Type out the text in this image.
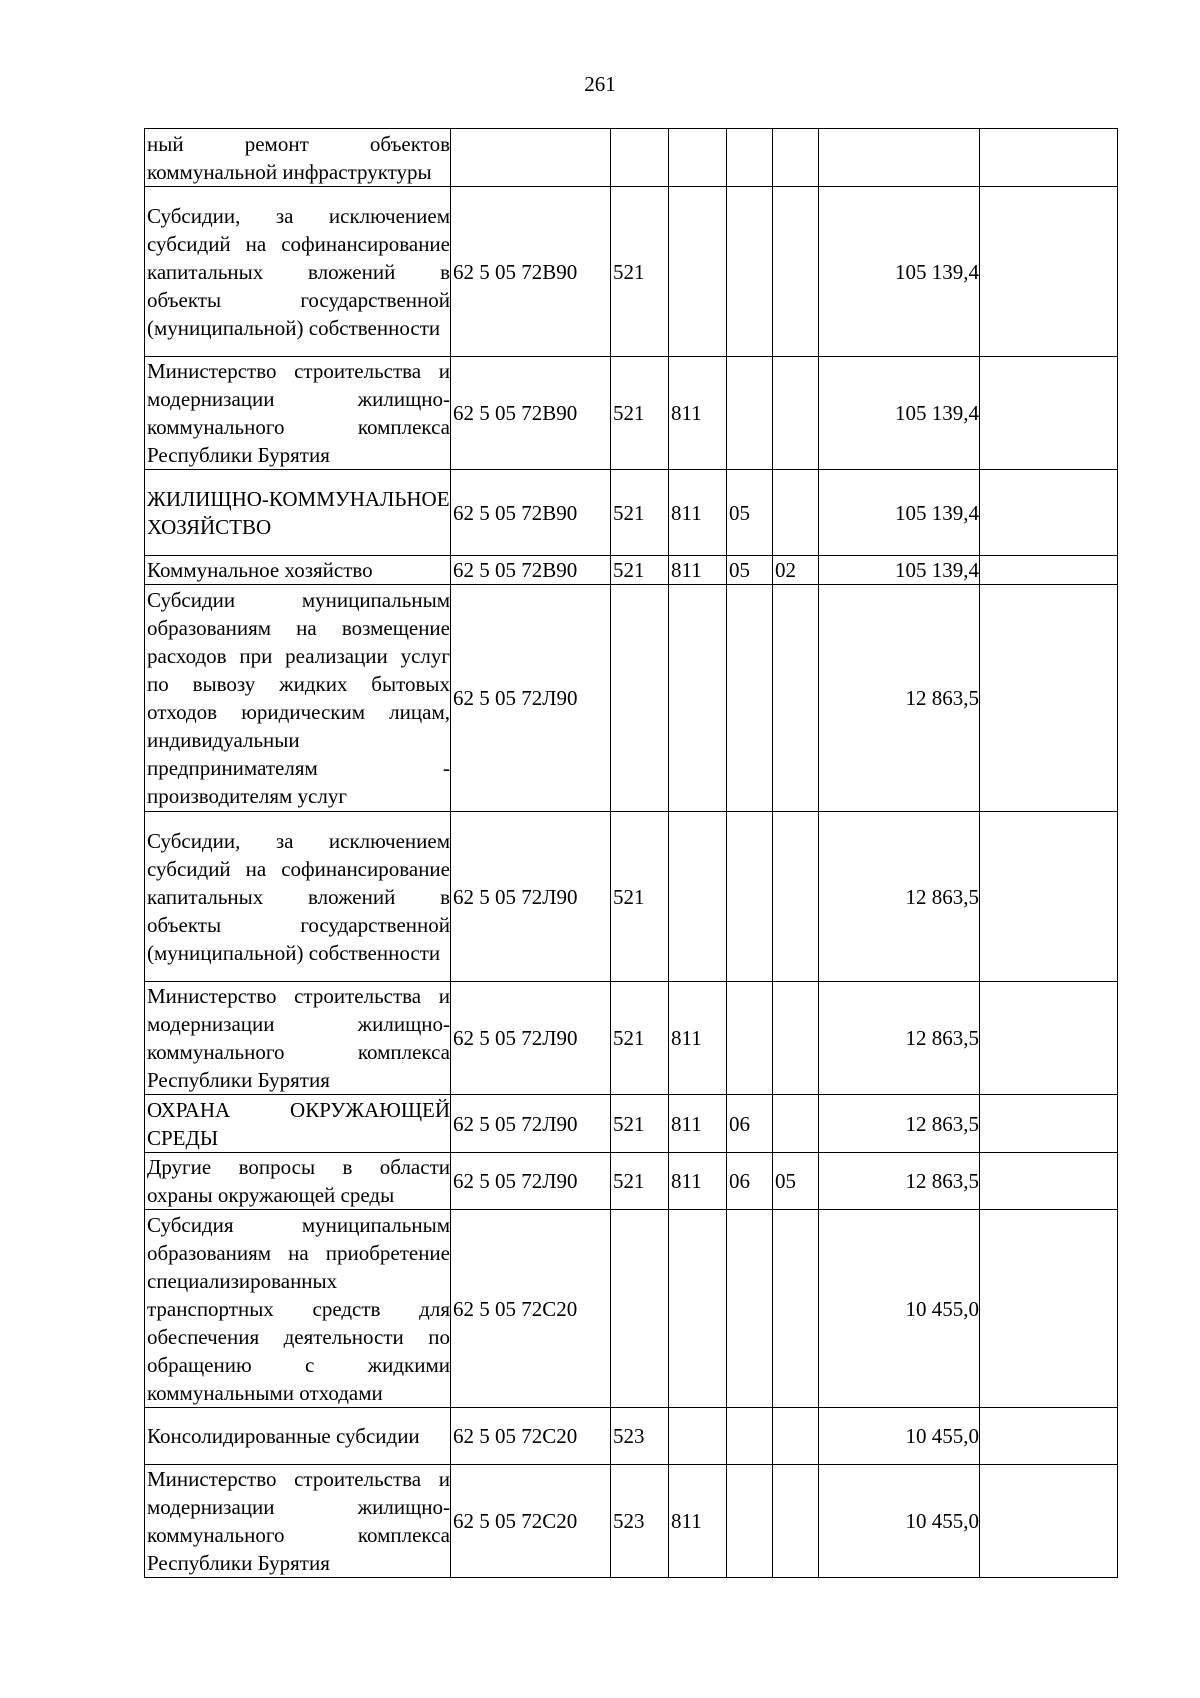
261
ный ремонт объектов коммунальной инфраструктуры							
Субсидии, за исключением субсидий на софинансирование капитальных вложений в объекты государственной (муниципальной) собственности	62 5 05 72В90	521				105 139,4	
Министерство строительства и модернизации жилищно-коммунального комплекса Республики Бурятия	62 5 05 72В90	521	811			105 139,4	
ЖИЛИЩНО-КОММУНАЛЬНОЕ ХОЗЯЙСТВО	62 5 05 72В90	521	811	05		105 139,4	
Коммунальное хозяйство	62 5 05 72В90	521	811	05	02	105 139,4	
Субсидии муниципальным образованиям на возмещение расходов при реализации услуг по вывозу жидких бытовых отходов юридическим лицам, индивидуальныи предпринимателям - производителям услуг	62 5 05 72Л90					12 863,5	
Субсидии, за исключением субсидий на софинансирование капитальных вложений в объекты государственной (муниципальной) собственности	62 5 05 72Л90	521				12 863,5	
Министерство строительства и модернизации жилищно-коммунального комплекса Республики Бурятия	62 5 05 72Л90	521	811			12 863,5	
ОХРАНА ОКРУЖАЮЩЕЙ СРЕДЫ	62 5 05 72Л90	521	811	06		12 863,5	
Другие вопросы в области охраны окружающей среды	62 5 05 72Л90	521	811	06	05	12 863,5	
Субсидия муниципальным образованиям на приобретение специализированных транспортных средств для обеспечения деятельности по обращению с жидкими коммунальными отходами	62 5 05 72С20					10 455,0	
Консолидированные субсидии	62 5 05 72С20	523				10 455,0	
Министерство строительства и модернизации жилищно-коммунального комплекса Республики Бурятия	62 5 05 72С20	523	811			10 455,0	
